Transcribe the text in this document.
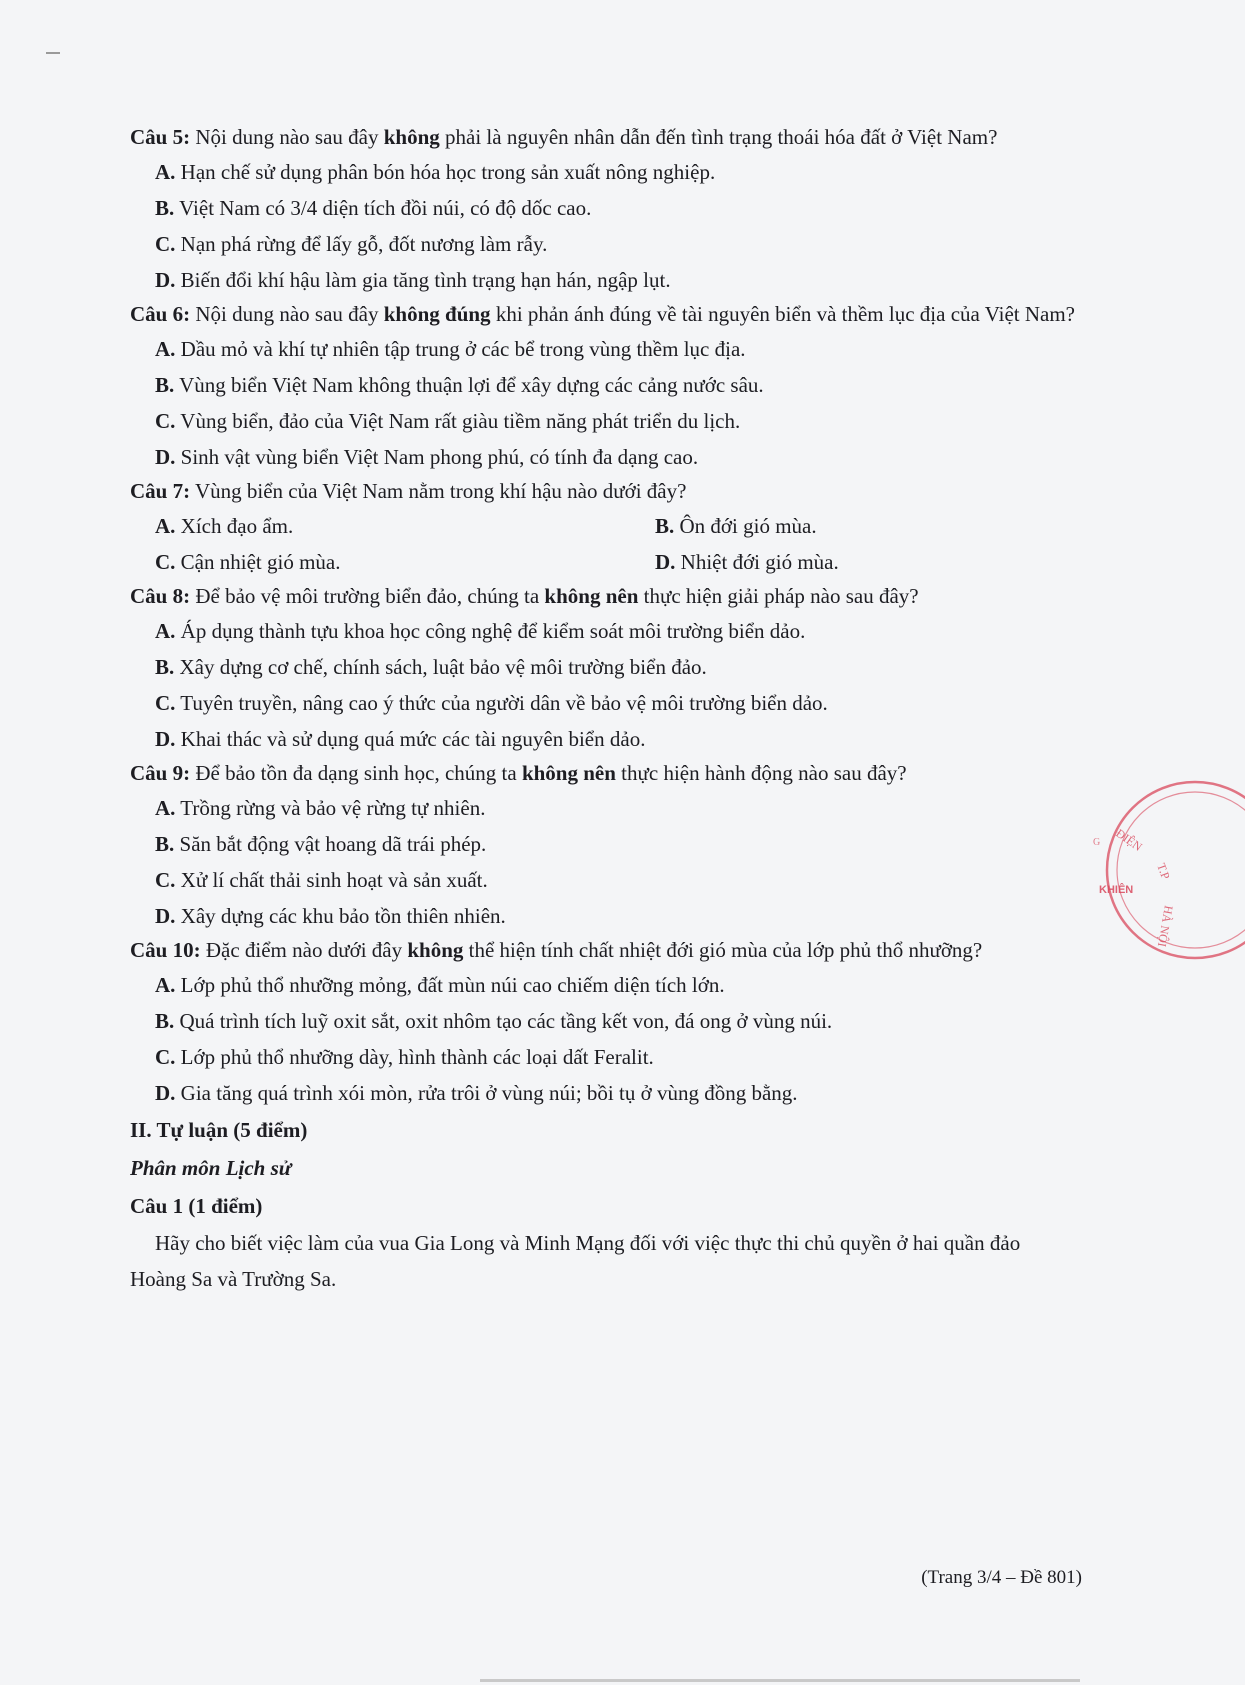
Câu 5: Nội dung nào sau đây không phải là nguyên nhân dẫn đến tình trạng thoái hóa đất ở Việt Nam?
A. Hạn chế sử dụng phân bón hóa học trong sản xuất nông nghiệp.
B. Việt Nam có 3/4 diện tích đồi núi, có độ dốc cao.
C. Nạn phá rừng để lấy gỗ, đốt nương làm rẫy.
D. Biến đổi khí hậu làm gia tăng tình trạng hạn hán, ngập lụt.
Câu 6: Nội dung nào sau đây không đúng khi phản ánh đúng về tài nguyên biển và thềm lục địa của Việt Nam?
A. Dầu mỏ và khí tự nhiên tập trung ở các bể trong vùng thềm lục địa.
B. Vùng biển Việt Nam không thuận lợi để xây dựng các cảng nước sâu.
C. Vùng biển, đảo của Việt Nam rất giàu tiềm năng phát triển du lịch.
D. Sinh vật vùng biển Việt Nam phong phú, có tính đa dạng cao.
Câu 7: Vùng biển của Việt Nam nằm trong khí hậu nào dưới đây?
A. Xích đạo ẩm.	B. Ôn đới gió mùa.
C. Cận nhiệt gió mùa.	D. Nhiệt đới gió mùa.
Câu 8: Để bảo vệ môi trường biển đảo, chúng ta không nên thực hiện giải pháp nào sau đây?
A. Áp dụng thành tựu khoa học công nghệ để kiểm soát môi trường biển dảo.
B. Xây dựng cơ chế, chính sách, luật bảo vệ môi trường biển đảo.
C. Tuyên truyền, nâng cao ý thức của người dân về bảo vệ môi trường biển dảo.
D. Khai thác và sử dụng quá mức các tài nguyên biển dảo.
Câu 9: Để bảo tồn đa dạng sinh học, chúng ta không nên thực hiện hành động nào sau đây?
A. Trồng rừng và bảo vệ rừng tự nhiên.
B. Săn bắt động vật hoang dã trái phép.
C. Xử lí chất thải sinh hoạt và sản xuất.
D. Xây dựng các khu bảo tồn thiên nhiên.
Câu 10: Đặc điểm nào dưới đây không thể hiện tính chất nhiệt đới gió mùa của lớp phủ thổ nhưỡng?
A. Lớp phủ thổ nhưỡng mỏng, đất mùn núi cao chiếm diện tích lớn.
B. Quá trình tích luỹ oxit sắt, oxit nhôm tạo các tầng kết von, đá ong ở vùng núi.
C. Lớp phủ thổ nhưỡng dày, hình thành các loại dất Feralit.
D. Gia tăng quá trình xói mòn, rửa trôi ở vùng núi; bồi tụ ở vùng đồng bằng.
II. Tự luận (5 điểm)
Phân môn Lịch sử
Câu 1 (1 điểm)
Hãy cho biết việc làm của vua Gia Long và Minh Mạng đối với việc thực thi chủ quyền ở hai quần đảo Hoàng Sa và Trường Sa.
(Trang 3/4 – Đề 801)
ĐIỆN
T.P
HÀ NỘI
KHIÊN
G
